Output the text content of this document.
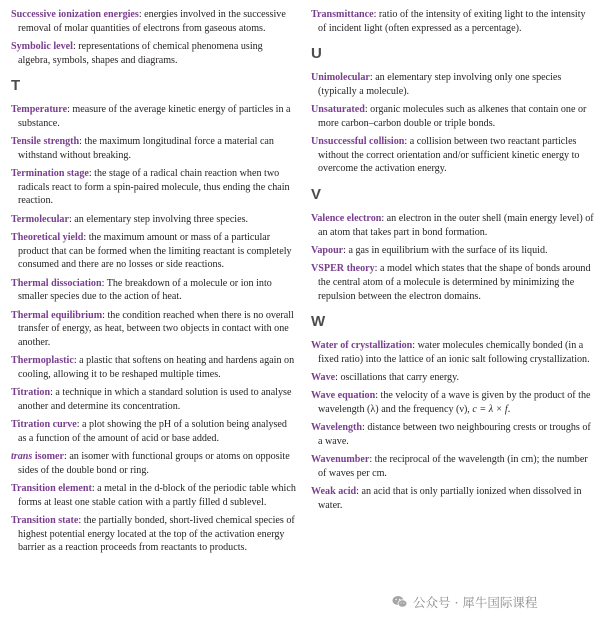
Successive ionization energies: energies involved in the successive removal of molar quantities of electrons from gaseous atoms.

Symbolic level: representations of chemical phenomena using algebra, symbols, shapes and diagrams.

T

Temperature: measure of the average kinetic energy of particles in a substance.

Tensile strength: the maximum longitudinal force a material can withstand without breaking.

Termination stage: the stage of a radical chain reaction when two radicals react to form a spin-paired molecule, thus ending the chain reaction.

Termolecular: an elementary step involving three species.

Theoretical yield: the maximum amount or mass of a particular product that can be formed when the limiting reactant is completely consumed and there are no losses or side reactions.

Thermal dissociation: The breakdown of a molecule or ion into smaller species due to the action of heat.

Thermal equilibrium: the condition reached when there is no overall transfer of energy, as heat, between two objects in contact with one another.

Thermoplastic: a plastic that softens on heating and hardens again on cooling, allowing it to be reshaped multiple times.

Titration: a technique in which a standard solution is used to analyse another and determine its concentration.

Titration curve: a plot showing the pH of a solution being analysed as a function of the amount of acid or base added.

trans isomer: an isomer with functional groups or atoms on opposite sides of the double bond or ring.

Transition element: a metal in the d-block of the periodic table which forms at least one stable cation with a partly filled d sublevel.

Transition state: the partially bonded, short-lived chemical species of highest potential energy located at the top of the activation energy barrier as a reaction proceeds from reactants to products.

Transmittance: ratio of the intensity of exiting light to the intensity of incident light (often expressed as a percentage).

U

Unimolecular: an elementary step involving only one species (typically a molecule).

Unsaturated: organic molecules such as alkenes that contain one or more carbon–carbon double or triple bonds.

Unsuccessful collision: a collision between two reactant particles without the correct orientation and/or sufficient kinetic energy to overcome the activation energy.

V

Valence electron: an electron in the outer shell (main energy level) of an atom that takes part in bond formation.

Vapour: a gas in equilibrium with the surface of its liquid.

VSPER theory: a model which states that the shape of bonds around the central atom of a molecule is determined by minimizing the repulsion between the electron domains.

W

Water of crystallization: water molecules chemically bonded (in a fixed ratio) into the lattice of an ionic salt following crystallization.

Wave: oscillations that carry energy.

Wave equation: the velocity of a wave is given by the product of the wavelength (λ) and the frequency (ν), c = λ × f.

Wavelength: distance between two neighbouring crests or troughs of a wave.

Wavenumber: the reciprocal of the wavelength (in cm); the number of waves per cm.

Weak acid: an acid that is only partially ionized when dissolved in water.

公众号 · 犀牛国际课程
